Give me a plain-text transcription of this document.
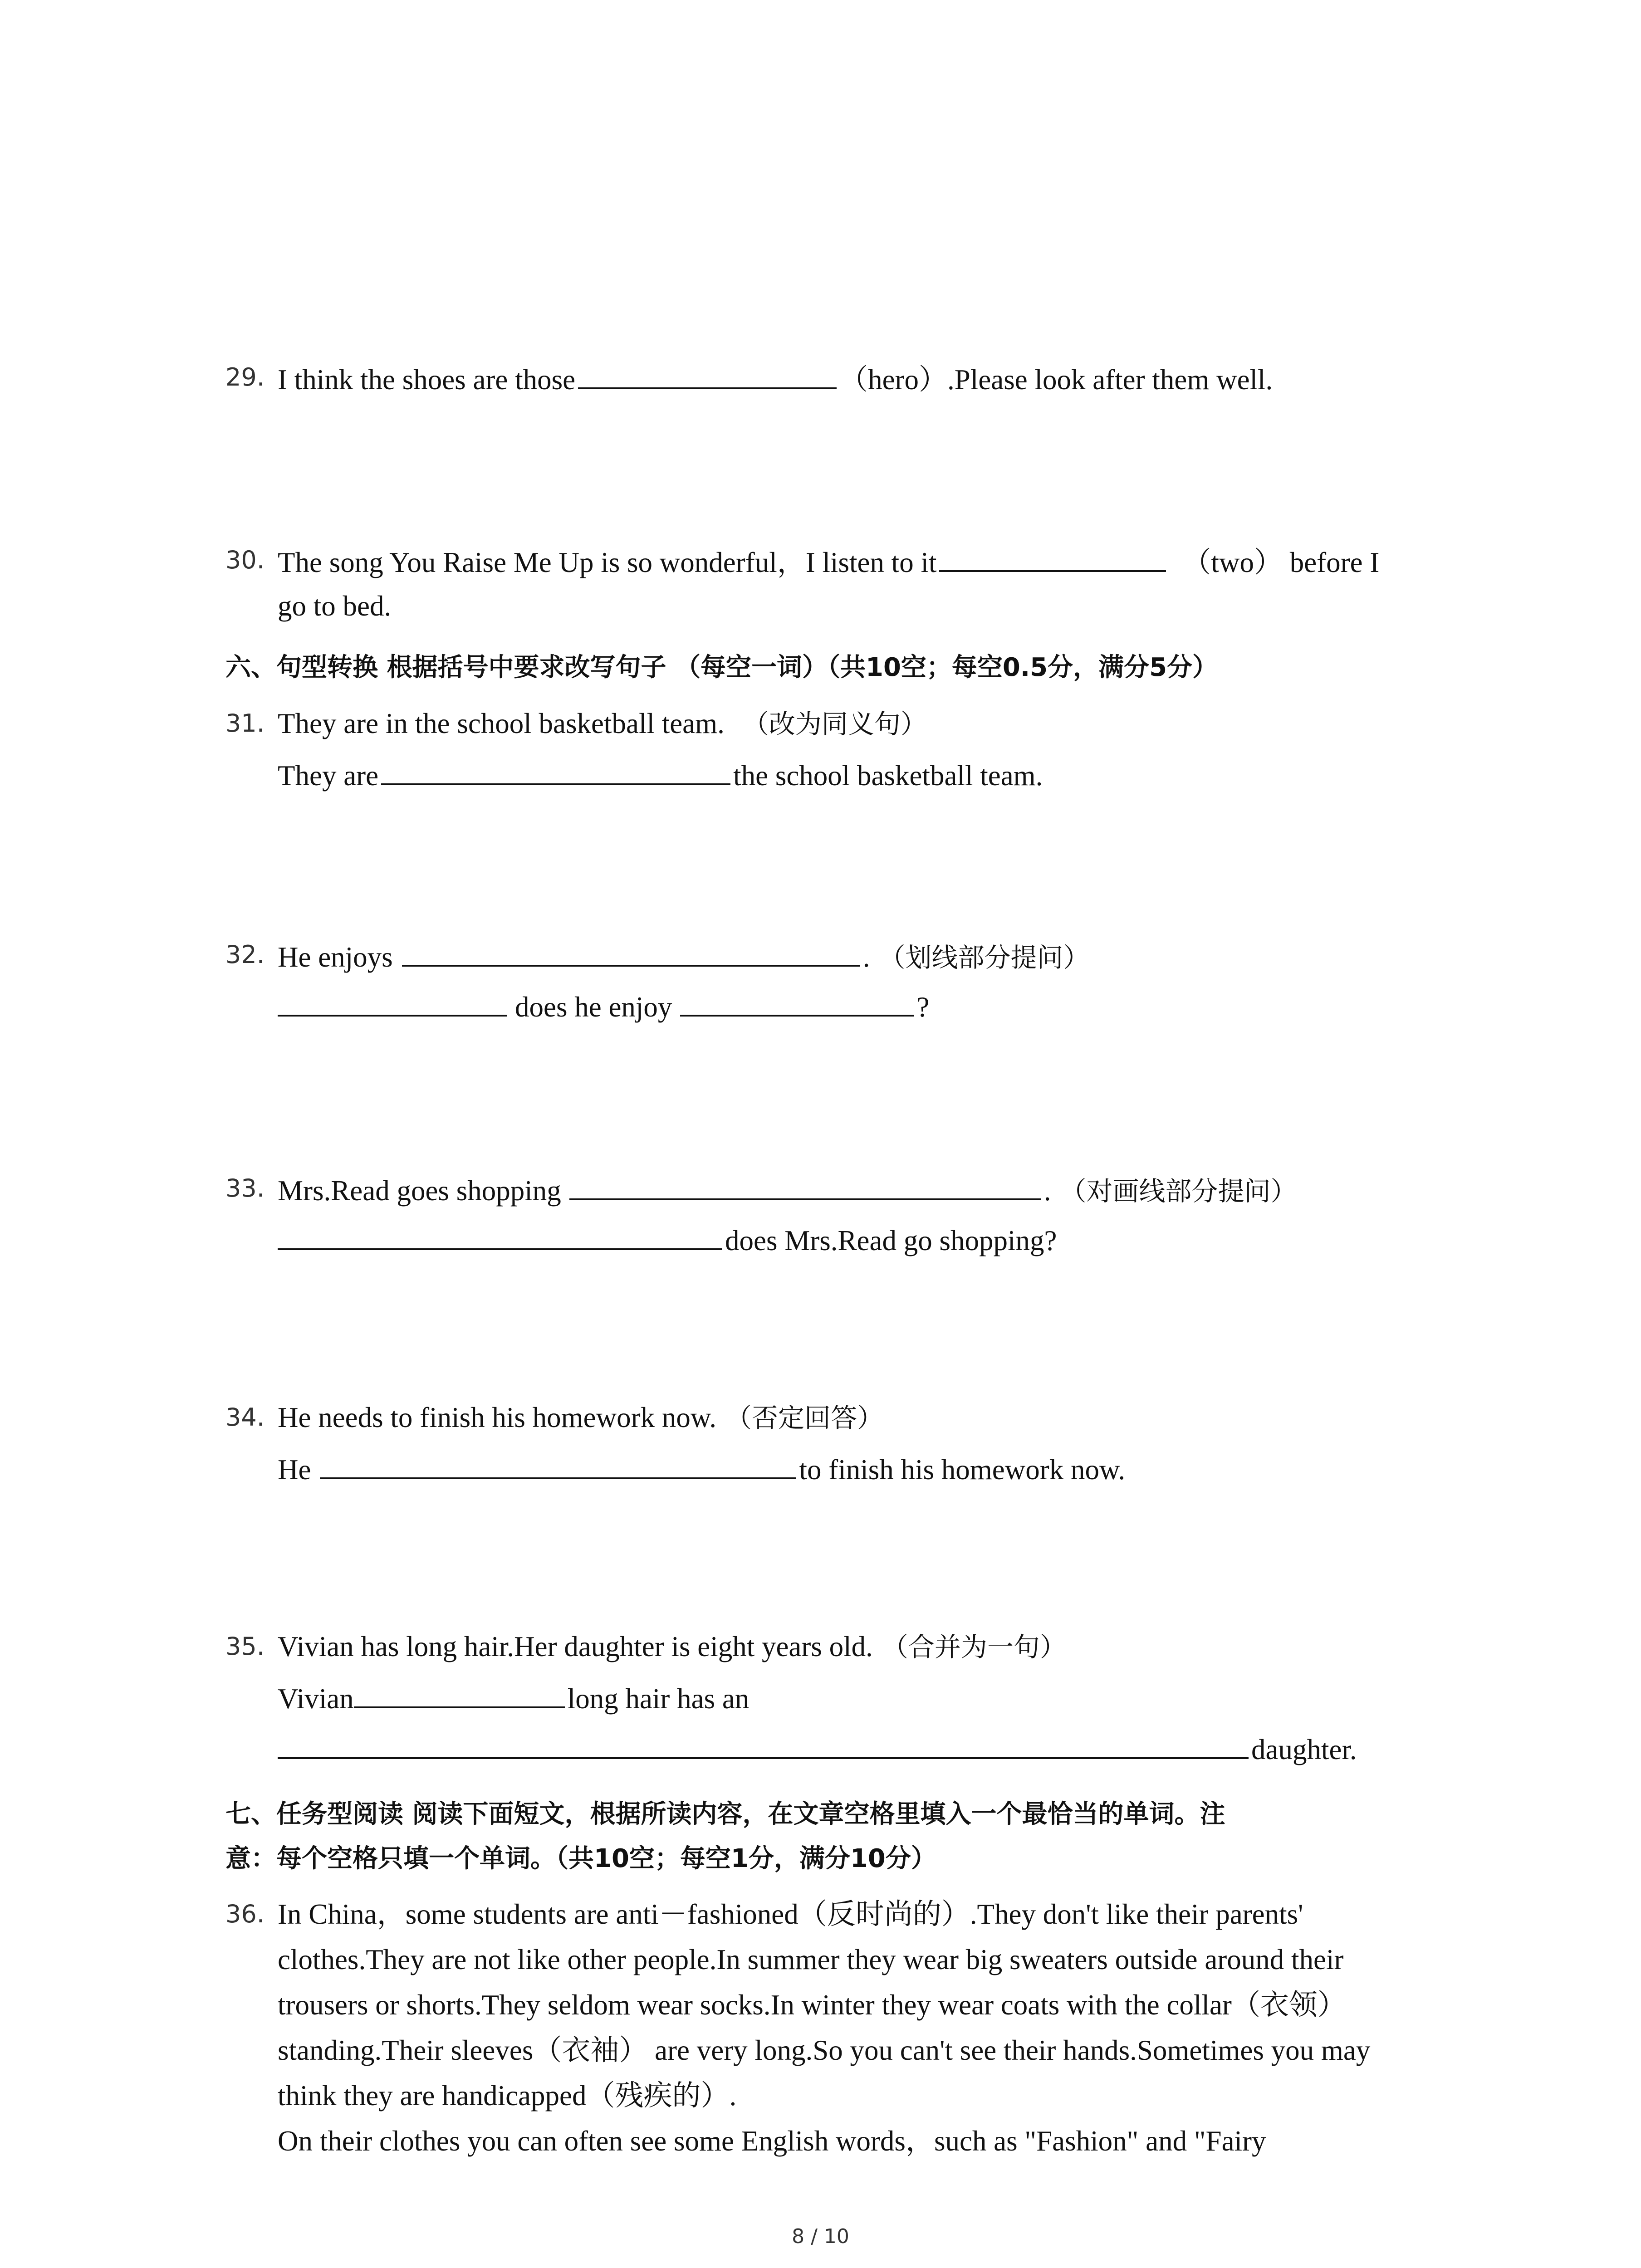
29. I think the shoes are those	（hero）.Please look after them well.
30. The song You Raise Me Up is so wonderful，I listen to it	（two） before I
go to bed.
六、句型转换 根据括号中要求改写句子 （每空一词）（共10空；每空0.5分，满分5分）
31. They are in the school basketball team. （改为同义句）
They are	the school basketball team.
32. He enjoys	. （划线部分提问）
does he enjoy	?
33. Mrs.Read goes shopping	. （对画线部分提问）
does Mrs.Read go shopping?
34. He needs to finish his homework now. （否定回答）
He	to finish his homework now.
35. Vivian has long hair.Her daughter is eight years old. （合并为一句）
Vivian	long hair has an
daughter.
七、任务型阅读 阅读下面短文，根据所读内容，在文章空格里填入一个最恰当的单词。注
意：每个空格只填一个单词。（共10空；每空1分，满分10分）
36. In China，some students are anti－fashioned（反时尚的）.They don't like their parents'
clothes.They are not like other people.In summer they wear big sweaters outside around their
trousers or shorts.They seldom wear socks.In winter they wear coats with the collar（衣领）
standing.Their sleeves（衣袖） are very long.So you can't see their hands.Sometimes you may
think they are handicapped（残疾的）.
On their clothes you can often see some English words，such as "Fashion" and "Fairy
8 / 10
